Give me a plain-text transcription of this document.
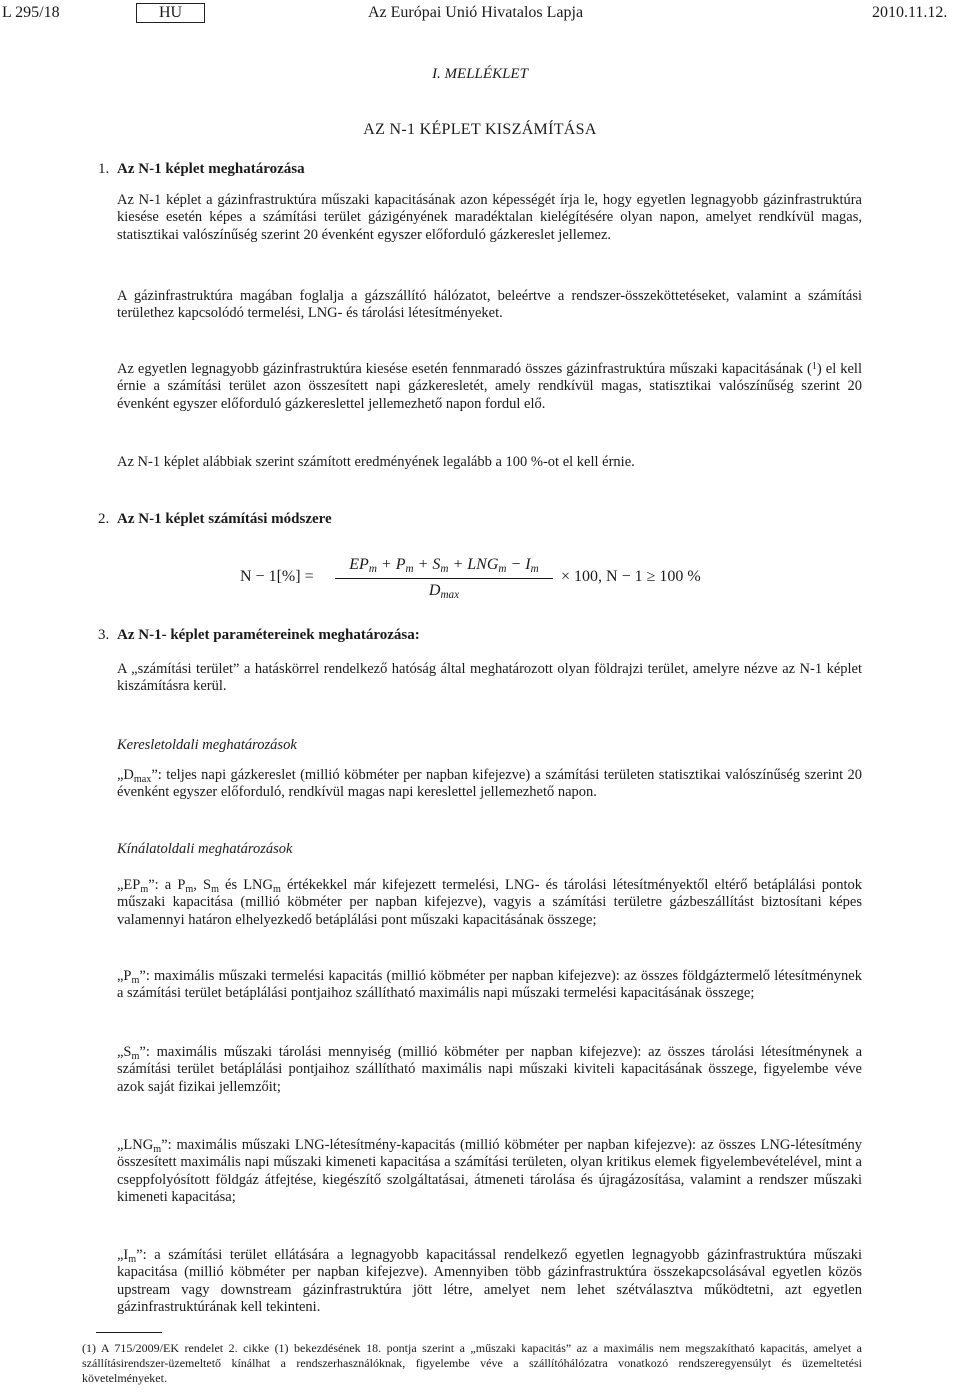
L 295/18	HU	Az Európai Unió Hivatalos Lapja	2010.11.12.
I. MELLÉKLET
AZ N-1 KÉPLET KISZÁMÍTÁSA
1. Az N-1 képlet meghatározása
Az N-1 képlet a gázinfrastruktúra műszaki kapacitásának azon képességét írja le, hogy egyetlen legnagyobb gázinfrastruktúra kiesése esetén képes a számítási terület gázigényének maradéktalan kielégítésére olyan napon, amelyet rendkívül magas, statisztikai valószínűség szerint 20 évenként egyszer előforduló gázkereslet jellemez.
A gázinfrastruktúra magában foglalja a gázszállító hálózatot, beleértve a rendszer-összeköttetéseket, valamint a számítási területhez kapcsolódó termelési, LNG- és tárolási létesítményeket.
Az egyetlen legnagyobb gázinfrastruktúra kiesése esetén fennmaradó összes gázinfrastruktúra műszaki kapacitásának ($^1$) el kell érnie a számítási terület azon összesített napi gázkeresletét, amely rendkívül magas, statisztikai valószínűség szerint 20 évenként egyszer előforduló gázkereslettel jellemezhető napon fordul elő.
Az N-1 képlet alábbiak szerint számított eredményének legalább a 100 %-ot el kell érnie.
2. Az N-1 képlet számítási módszere
N − 1[%] =
$EP_m + P_m + S_m + LNG_m - I_m$
$D_{max}$
× 100, N − 1 ≥ 100 %
3. Az N-1- képlet paramétereinek meghatározása:
A „számítási terület” a hatáskörrel rendelkező hatóság által meghatározott olyan földrajzi terület, amelyre nézve az N-1 képlet kiszámításra kerül.
Keresletoldali meghatározások
$„D_{max}$”: teljes napi gázkereslet (millió köbméter per napban kifejezve) a számítási területen statisztikai valószínűség szerint 20 évenként egyszer előforduló, rendkívül magas napi kereslettel jellemezhető napon.
Kínálatoldali meghatározások
$„EP_m$”: a $P_m$, $S_m$ és $LNG_m$ értékekkel már kifejezett termelési, LNG- és tárolási létesítményektől eltérő betáplálási pontok műszaki kapacitása (millió köbméter per napban kifejezve), vagyis a számítási területre gázbeszállítást biztosítani képes valamennyi határon elhelyezkedő betáplálási pont műszaki kapacitásának összege;
$„P_m$”: maximális műszaki termelési kapacitás (millió köbméter per napban kifejezve): az összes földgáztermelő létesítménynek a számítási terület betáplálási pontjaihoz szállítható maximális napi műszaki termelési kapacitásának összege;
$„S_m$”: maximális műszaki tárolási mennyiség (millió köbméter per napban kifejezve): az összes tárolási létesítménynek a számítási terület betáplálási pontjaihoz szállítható maximális napi műszaki kiviteli kapacitásának összege, figyelembe véve azok saját fizikai jellemzőit;
$„LNG_m$”: maximális műszaki LNG-létesítmény-kapacitás (millió köbméter per napban kifejezve): az összes LNG-létesítmény összesített maximális napi műszaki kimeneti kapacitása a számítási területen, olyan kritikus elemek figyelembevételével, mint a cseppfolyósított földgáz átfejtése, kiegészítő szolgáltatásai, átmeneti tárolása és újragázosítása, valamint a rendszer műszaki kimeneti kapacitása;
$„I_m$”: a számítási terület ellátására a legnagyobb kapacitással rendelkező egyetlen legnagyobb gázinfrastruktúra műszaki kapacitása (millió köbméter per napban kifejezve). Amennyiben több gázinfrastruktúra összekapcsolásával egyetlen közös upstream vagy downstream gázinfrastruktúra jött létre, amelyet nem lehet szétválasztva működtetni, azt egyetlen gázinfrastruktúrának kell tekinteni.
(1) A 715/2009/EK rendelet 2. cikke (1) bekezdésének 18. pontja szerint a „műszaki kapacitás” az a maximális nem megszakítható kapacitás, amelyet a szállításirendszer-üzemeltető kínálhat a rendszerhasználóknak, figyelembe véve a szállítóhálózatra vonatkozó rendszeregyensúlyt és üzemeltetési követelményeket.
